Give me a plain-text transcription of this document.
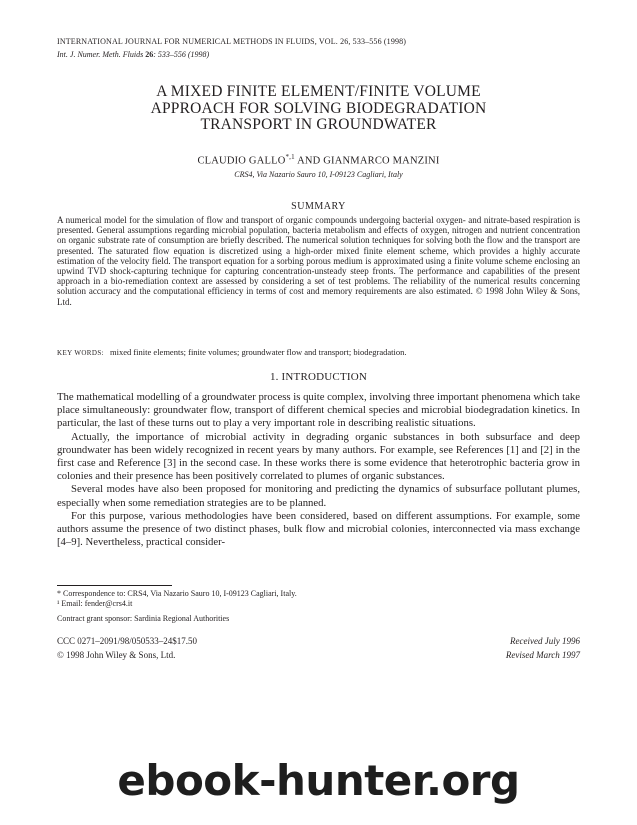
INTERNATIONAL JOURNAL FOR NUMERICAL METHODS IN FLUIDS, VOL. 26, 533–556 (1998)
Int. J. Numer. Meth. Fluids 26: 533–556 (1998)
A MIXED FINITE ELEMENT/FINITE VOLUME
APPROACH FOR SOLVING BIODEGRADATION
TRANSPORT IN GROUNDWATER
CLAUDIO $GALLO^{*,1}$ AND GIANMARCO MANZINI
CRS4, Via Nazario Sauro 10, I-09123 Cagliari, Italy
SUMMARY
A numerical model for the simulation of flow and transport of organic compounds undergoing bacterial oxygen- and nitrate-based respiration is presented. General assumptions regarding microbial population, bacteria metabolism and effects of oxygen, nitrogen and nutrient concentration on organic substrate rate of consumption are briefly described. The numerical solution techniques for solving both the flow and the transport are presented. The saturated flow equation is discretized using a high-order mixed finite element scheme, which provides a highly accurate estimation of the velocity field. The transport equation for a sorbing porous medium is approximated using a finite volume scheme enclosing an upwind TVD shock-capturing technique for capturing concentration-unsteady steep fronts. The performance and capabilities of the present approach in a bio-remediation context are assessed by considering a set of test problems. The reliability of the numerical results concerning solution accuracy and the computational efficiency in terms of cost and memory requirements are also estimated. © 1998 John Wiley & Sons, Ltd.
KEY WORDS: mixed finite elements; finite volumes; groundwater flow and transport; biodegradation.
1. INTRODUCTION

The mathematical modelling of a groundwater process is quite complex, involving three important phenomena which take place simultaneously: groundwater flow, transport of different chemical species and microbial biodegradation kinetics. In particular, the last of these turns out to play a very important role in describing realistic situations.

Actually, the importance of microbial activity in degrading organic substances in both subsurface and deep groundwater has been widely recognized in recent years by many authors. For example, see References [1] and [2] in the first case and Reference [3] in the second case. In these works there is some evidence that heterotrophic bacteria grow in colonies and their presence has been positively correlated to plumes of organic substances.

Several modes have also been proposed for monitoring and predicting the dynamics of subsurface pollutant plumes, especially when some remediation strategies are to be planned.

For this purpose, various methodologies have been considered, based on different assumptions. For example, some authors assume the presence of two distinct phases, bulk flow and microbial colonies, interconnected via mass exchange [4–9]. Nevertheless, practical consider-

* Correspondence to: CRS4, Via Nazario Sauro 10, I-09123 Cagliari, Italy.
¹ Email: fender@crs4.it
Contract grant sponsor: Sardinia Regional Authorities
CCC 0271–2091/98/050533–24$17.50
© 1998 John Wiley & Sons, Ltd.
Received July 1996
Revised March 1997
ebook-hunter.org
